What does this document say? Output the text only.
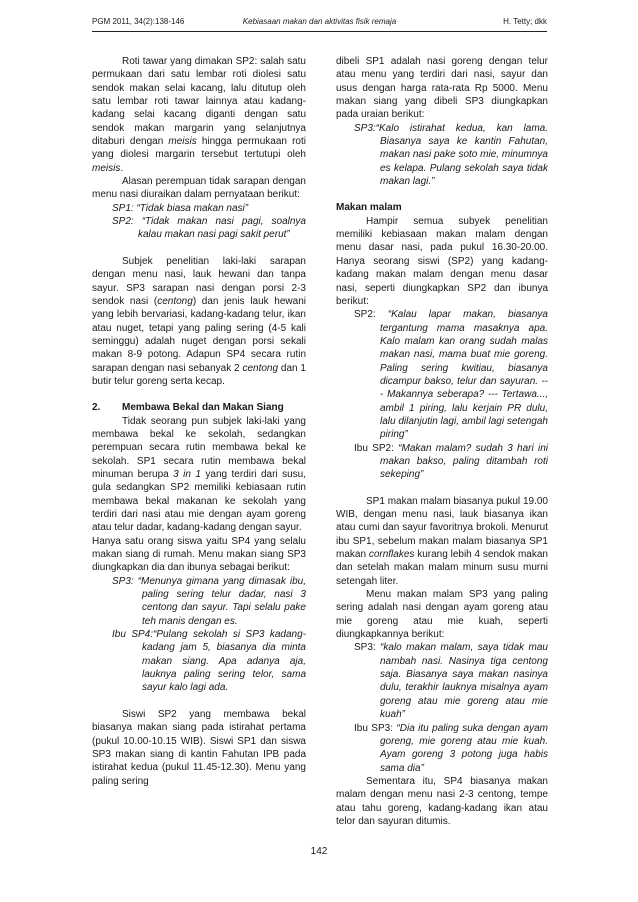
PGM 2011, 34(2):138-146	Kebiasaan makan dan aktivitas fisik remaja	H. Tetty; dkk

Roti tawar yang dimakan SP2: salah satu permukaan dari satu lembar roti diolesi satu sendok makan selai kacang, lalu ditutup oleh satu lembar roti tawar lainnya atau kadang-kadang selai kacang diganti dengan satu sendok makan margarin yang selanjutnya ditaburi dengan meisis hingga permukaan roti yang diolesi margarin tersebut tertutupi oleh meisis.

Alasan perempuan tidak sarapan dengan menu nasi diuraikan dalam pernyataan berikut:

SP1: “Tidak biasa makan nasi”

SP2: “Tidak makan nasi pagi, soalnya kalau makan nasi pagi sakit perut”

Subjek penelitian laki-laki sarapan dengan menu nasi, lauk hewani dan tanpa sayur. SP3 sarapan nasi dengan porsi 2-3 sendok nasi (centong) dan jenis lauk hewani yang lebih bervariasi, kadang-kadang telur, ikan atau nuget, tetapi yang paling sering (4-5 kali seminggu) adalah nuget dengan porsi sekali makan 8-9 potong. Adapun SP4 secara rutin sarapan dengan nasi sebanyak 2 centong dan 1 butir telur goreng serta kecap.

2. Membawa Bekal dan Makan Siang

Tidak seorang pun subjek laki-laki yang membawa bekal ke sekolah, sedangkan perempuan secara rutin membawa bekal ke sekolah. SP1 secara rutin membawa bekal minuman berupa 3 in 1 yang terdiri dari susu, gula sedangkan SP2 memiliki kebiasaan rutin membawa bekal makanan ke sekolah yang terdiri dari nasi atau mie dengan ayam goreng atau telur dadar, kadang-kadang dengan sayur.

Hanya satu orang siswa yaitu SP4 yang selalu makan siang di rumah. Menu makan siang SP3 diungkapkan dia dan ibunya sebagai berikut:

SP3: “Menunya gimana yang dimasak ibu, paling sering telur dadar, nasi 3 centong dan sayur. Tapi selalu pake teh manis dengan es.

Ibu SP4:“Pulang sekolah si SP3 kadang-kadang jam 5, biasanya dia minta makan siang. Apa adanya aja, lauknya paling sering telor, sama sayur kalo lagi ada.

Siswi SP2 yang membawa bekal biasanya makan siang pada istirahat pertama (pukul 10.00-10.15 WIB). Siswi SP1 dan siswa SP3 makan siang di kantin Fahutan IPB pada istirahat kedua (pukul 11.45-12.30). Menu yang paling sering

dibeli SP1 adalah nasi goreng dengan telur atau menu yang terdiri dari nasi, sayur dan usus dengan harga rata-rata Rp 5000. Menu makan siang yang dibeli SP3 diungkapkan pada uraian berikut:

SP3:“Kalo istirahat kedua, kan lama. Biasanya saya ke kantin Fahutan, makan nasi pake soto mie, minumnya es kelapa. Pulang sekolah saya tidak makan lagi.”

Makan malam

Hampir semua subyek penelitian memiliki kebiasaan makan malam dengan menu dasar nasi, pada pukul 16.30-20.00. Hanya seorang siswi (SP2) yang kadang-kadang makan malam dengan menu dasar nasi, seperti diungkapkan SP2 dan ibunya berikut:

SP2: “Kalau lapar makan, biasanya tergantung mama masaknya apa. Kalo malam kan orang sudah malas makan nasi, mama buat mie goreng. Paling sering kwitiau, biasanya dicampur bakso, telur dan sayuran. --- Makannya seberapa? --- Tertawa..., ambil 1 piring, lalu kerjain PR dulu, lalu dilanjutin lagi, ambil lagi setengah piring”

Ibu SP2: “Makan malam? sudah 3 hari ini makan bakso, paling ditambah roti sekeping”

SP1 makan malam biasanya pukul 19.00 WIB, dengan menu nasi, lauk biasanya ikan atau cumi dan sayur favoritnya brokoli. Menurut ibu SP1, sebelum makan malam biasanya SP1 makan cornflakes kurang lebih 4 sendok makan dan setelah makan malam minum susu murni setengah liter.

Menu makan malam SP3 yang paling sering adalah nasi dengan ayam goreng atau mie goreng atau mie kuah, seperti diungkapkannya berikut:

SP3: “kalo makan malam, saya tidak mau nambah nasi. Nasinya tiga centong saja. Biasanya saya makan nasinya dulu, terakhir lauknya misalnya ayam goreng atau mie goreng atau mie kuah”

Ibu SP3: “Dia itu paling suka dengan ayam goreng, mie goreng atau mie kuah. Ayam goreng 3 potong juga habis sama dia”

Sementara itu, SP4 biasanya makan malam dengan menu nasi 2-3 centong, tempe atau tahu goreng, kadang-kadang ikan atau telor dan sayuran ditumis.

142
